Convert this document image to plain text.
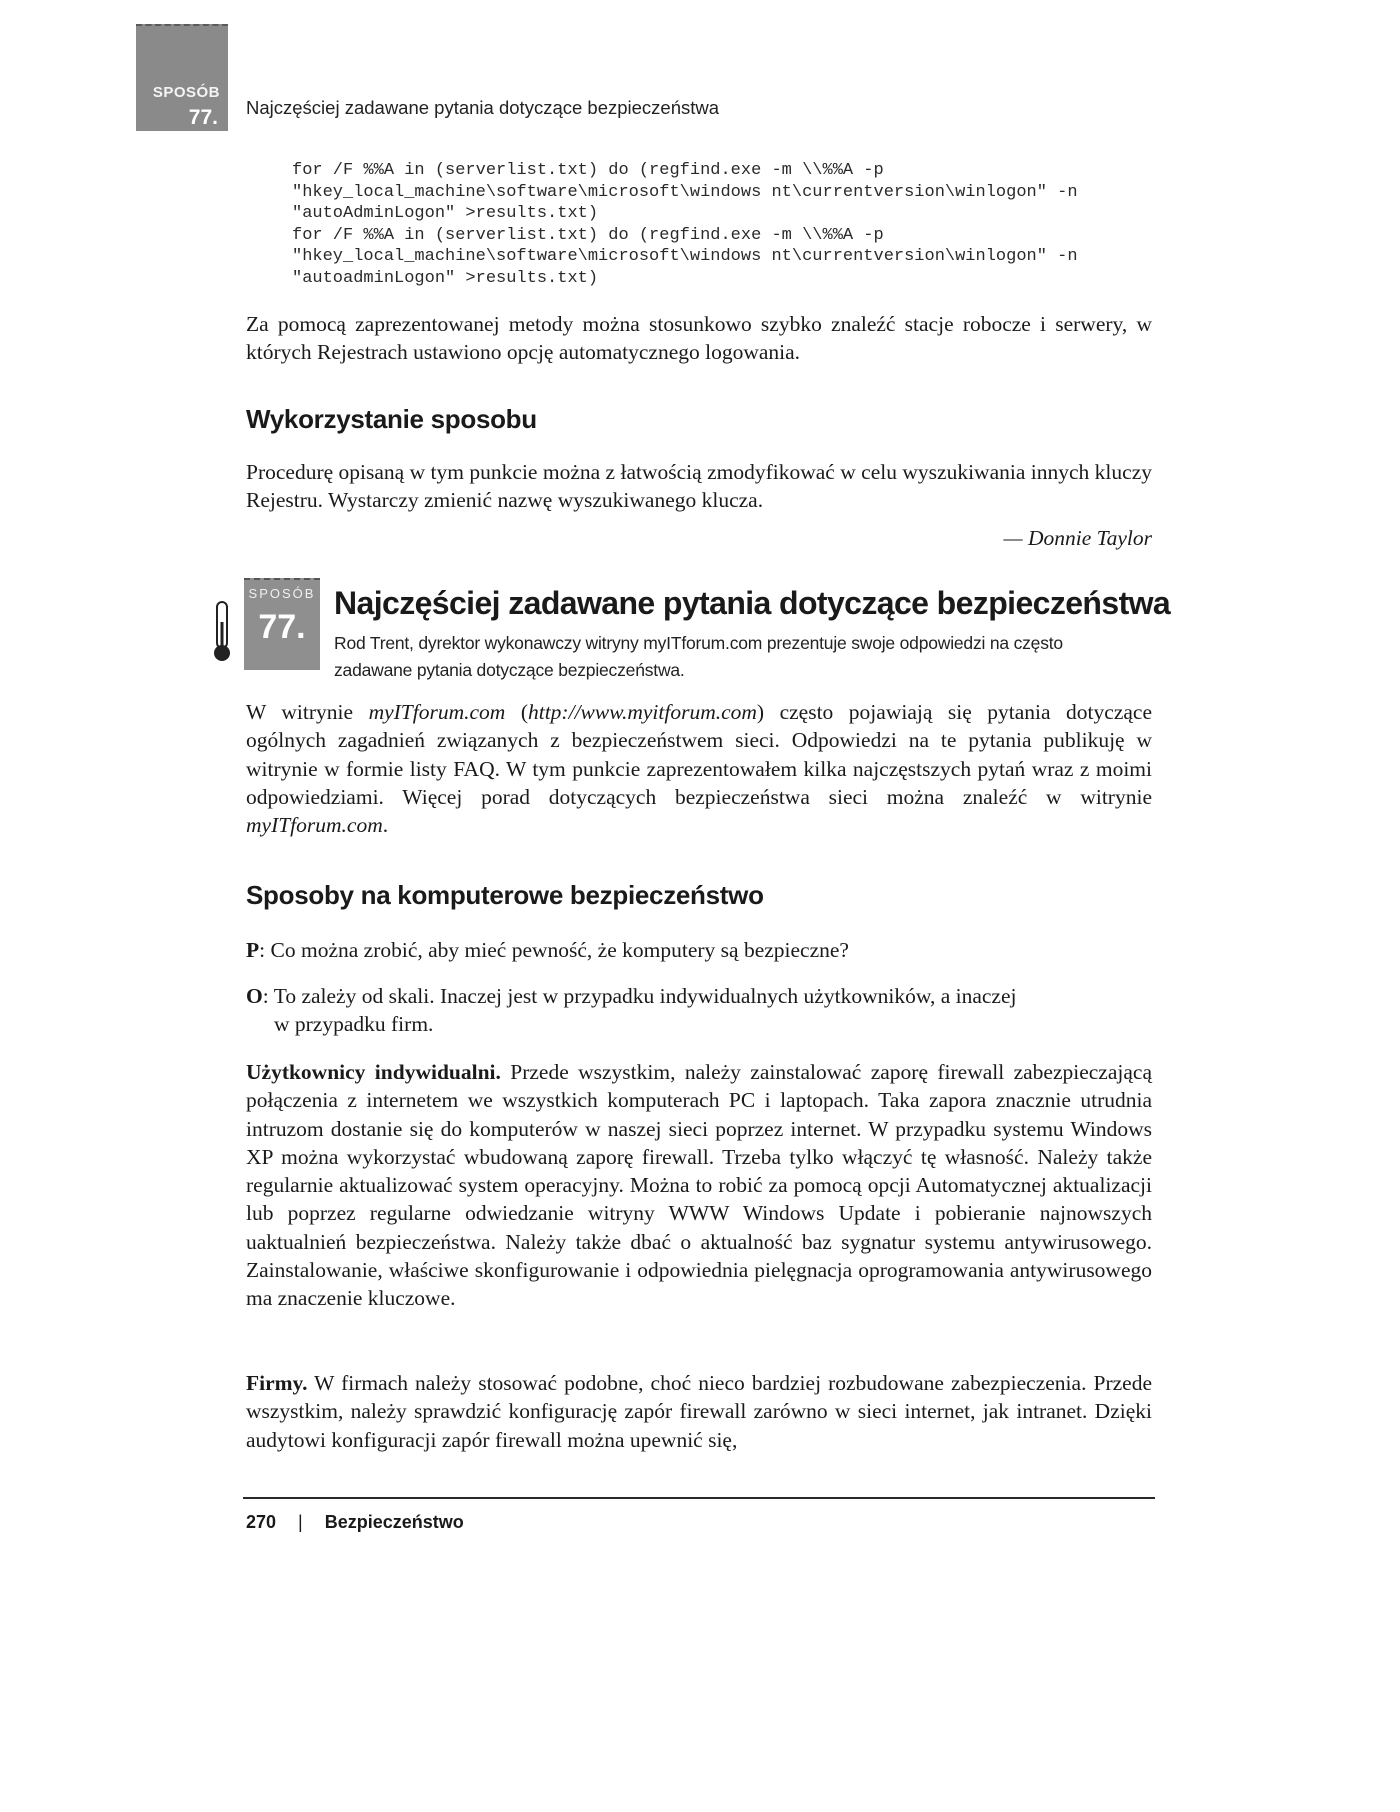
SPOSÓB
77. Najczęściej zadawane pytania dotyczące bezpieczeństwa
for /F %%A in (serverlist.txt) do (regfind.exe -m \\%%A -p
"hkey_local_machine\software\microsoft\windows nt\currentversion\winlogon" -n
"autoAdminLogon" >results.txt)
for /F %%A in (serverlist.txt) do (regfind.exe -m \\%%A -p
"hkey_local_machine\software\microsoft\windows nt\currentversion\winlogon" -n
"autoadminLogon" >results.txt)
Za pomocą zaprezentowanej metody można stosunkowo szybko znaleźć stacje robocze i serwery, w których Rejestrach ustawiono opcję automatycznego logowania.
Wykorzystanie sposobu
Procedurę opisaną w tym punkcie można z łatwością zmodyfikować w celu wyszukiwania innych kluczy Rejestru. Wystarczy zmienić nazwę wyszukiwanego klucza.
— Donnie Taylor
SPOSÓB
77.
Najczęściej zadawane pytania dotyczące bezpieczeństwa
Rod Trent, dyrektor wykonawczy witryny myITforum.com prezentuje swoje odpowiedzi na często
zadawane pytania dotyczące bezpieczeństwa.
W witrynie myITforum.com (http://www.myitforum.com) często pojawiają się pytania dotyczące ogólnych zagadnień związanych z bezpieczeństwem sieci. Odpowiedzi na te pytania publikuję w witrynie w formie listy FAQ. W tym punkcie zaprezentowałem kilka najczęstszych pytań wraz z moimi odpowiedziami. Więcej porad dotyczących bezpieczeństwa sieci można znaleźć w witrynie myITforum.com.
Sposoby na komputerowe bezpieczeństwo
P: Co można zrobić, aby mieć pewność, że komputery są bezpieczne?
O: To zależy od skali. Inaczej jest w przypadku indywidualnych użytkowników, a inaczej
w przypadku firm.
Użytkownicy indywidualni. Przede wszystkim, należy zainstalować zaporę firewall zabezpieczającą połączenia z internetem we wszystkich komputerach PC i laptopach. Taka zapora znacznie utrudnia intruzom dostanie się do komputerów w naszej sieci poprzez internet. W przypadku systemu Windows XP można wykorzystać wbudowaną zaporę firewall. Trzeba tylko włączyć tę własność. Należy także regularnie aktualizować system operacyjny. Można to robić za pomocą opcji Automatycznej aktualizacji lub poprzez regularne odwiedzanie witryny WWW Windows Update i pobieranie najnowszych uaktualnień bezpieczeństwa. Należy także dbać o aktualność baz sygnatur systemu antywirusowego. Zainstalowanie, właściwe skonfigurowanie i odpowiednia pielęgnacja oprogramowania antywirusowego ma znaczenie kluczowe.
Firmy. W firmach należy stosować podobne, choć nieco bardziej rozbudowane zabezpieczenia. Przede wszystkim, należy sprawdzić konfigurację zapór firewall zarówno w sieci internet, jak intranet. Dzięki audytowi konfiguracji zapór firewall można upewnić się,
270 | Bezpieczeństwo
